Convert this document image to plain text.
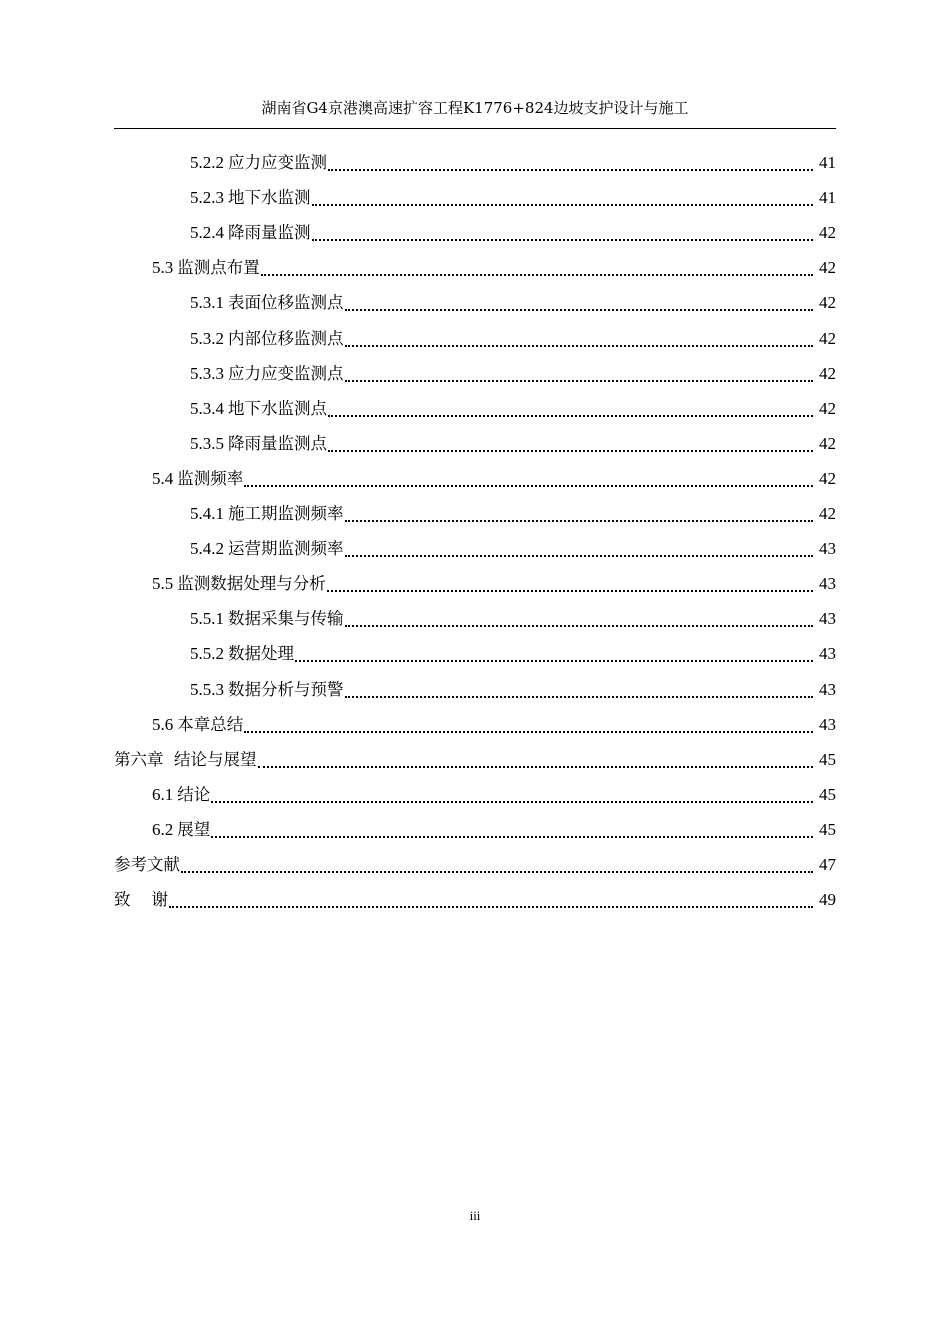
湖南省G4京港澳高速扩容工程K1776+824边坡支护设计与施工
5.2.2 应力应变监测	41
5.2.3 地下水监测	41
5.2.4 降雨量监测	42
5.3 监测点布置	42
5.3.1 表面位移监测点	42
5.3.2 内部位移监测点	42
5.3.3 应力应变监测点	42
5.3.4 地下水监测点	42
5.3.5 降雨量监测点	42
5.4 监测频率	42
5.4.1 施工期监测频率	42
5.4.2 运营期监测频率	43
5.5 监测数据处理与分析	43
5.5.1 数据采集与传输	43
5.5.2 数据处理	43
5.5.3 数据分析与预警	43
5.6 本章总结	43
第六章  结论与展望	45
6.1 结论	45
6.2 展望	45
参考文献	47
致    谢	49
iii
